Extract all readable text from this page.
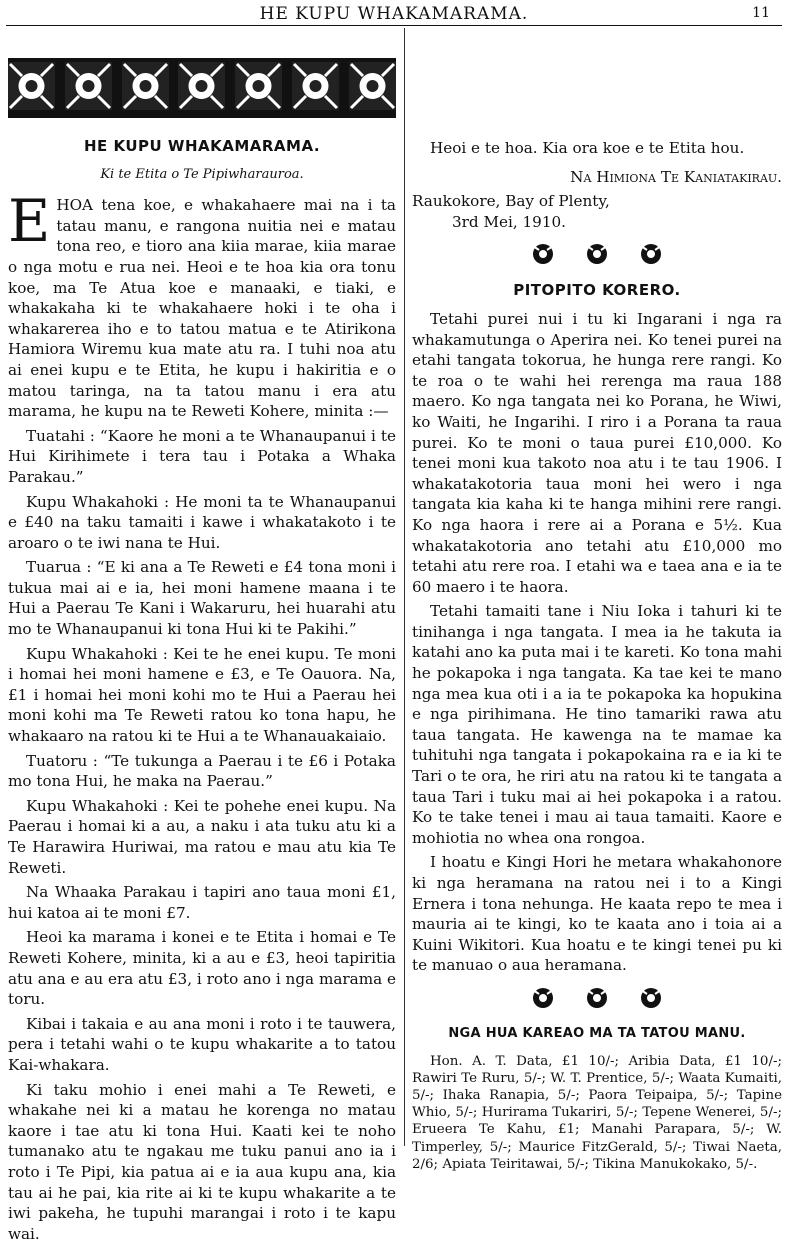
HE KUPU WHAKAMARAMA.	11
HE KUPU WHAKAMARAMA.
Ki te Etita o Te Pipiwharauroa.

EHOA tena koe, e whakahaere mai na i ta tatau manu, e rangona nuitia nei e matau tona reo, e tioro ana kiia marae, kiia marae o nga motu e rua nei. Heoi e te hoa kia ora tonu koe, ma Te Atua koe e manaaki, e tiaki, e whakakaha ki te whakahaere hoki i te oha i whakarerea iho e to tatou matua e te Atirikona Hamiora Wiremu kua mate atu ra. I tuhi noa atu ai enei kupu e te Etita, he kupu i hakiritia e o matou taringa, na ta tatou manu i era atu marama, he kupu na te Reweti Kohere, minita :—

Tuatahi : “Kaore he moni a te Whanaupanui i te Hui Kirihimete i tera tau i Potaka a Whaka Parakau.”

Kupu Whakahoki : He moni ta te Whanaupanui e £40 na taku tamaiti i kawe i whakatakoto i te aroaro o te iwi nana te Hui.

Tuarua : “E ki ana a Te Reweti e £4 tona moni i tukua mai ai e ia, hei moni hamene maana i te Hui a Paerau Te Kani i Wakaruru, hei huarahi atu mo te Whanaupanui ki tona Hui ki te Pakihi.”

Kupu Whakahoki : Kei te he enei kupu. Te moni i homai hei moni hamene e £3, e Te Oauora. Na, £1 i homai hei moni kohi mo te Hui a Paerau hei moni kohi ma Te Reweti ratou ko tona hapu, he whakaaro na ratou ki te Hui a te Whanauakaiaio.

Tuatoru : “Te tukunga a Paerau i te £6 i Potaka mo tona Hui, he maka na Paerau.”

Kupu Whakahoki : Kei te pohehe enei kupu. Na Paerau i homai ki a au, a naku i ata tuku atu ki a Te Harawira Huriwai, ma ratou e mau atu kia Te Reweti.

Na Whaaka Parakau i tapiri ano taua moni £1, hui katoa ai te moni £7.

Heoi ka marama i konei e te Etita i homai e Te Reweti Kohere, minita, ki a au e £3, heoi tapiritia atu ana e au era atu £3, i roto ano i nga marama e toru.

Kibai i takaia e au ana moni i roto i te tauwera, pera i tetahi wahi o te kupu whakarite a to tatou Kai-whakara.

Ki taku mohio i enei mahi a Te Reweti, e whakahe nei ki a matau he korenga no matau kaore i tae atu ki tona Hui. Kaati kei te noho tumanako atu te ngakau me tuku panui ano ia i roto i Te Pipi, kia patua ai e ia aua kupu ana, kia tau ai he pai, kia rite ai ki te kupu whakarite a te iwi pakeha, he tupuhi marangai i roto i te kapu wai.

Heoi e te hoa. Kia ora koe e te Etita hou.

Na Himiona Te Kaniatakirau.

Raukokore, Bay of Plenty,

3rd Mei, 1910.

PITOPITO KORERO.

Tetahi purei nui i tu ki Ingarani i nga ra whakamutunga o Aperira nei. Ko tenei purei na etahi tangata tokorua, he hunga rere rangi. Ko te roa o te wahi hei rerenga ma raua 188 maero. Ko nga tangata nei ko Porana, he Wiwi, ko Waiti, he Ingarihi. I riro i a Porana ta raua purei. Ko te moni o taua purei £10,000. Ko tenei moni kua takoto noa atu i te tau 1906. I whakatakotoria taua moni hei wero i nga tangata kia kaha ki te hanga mihini rere rangi. Ko nga haora i rere ai a Porana e 5½. Kua whakatakotoria ano tetahi atu £10,000 mo tetahi atu rere roa. I etahi wa e taea ana e ia te 60 maero i te haora.

Tetahi tamaiti tane i Niu Ioka i tahuri ki te tinihanga i nga tangata. I mea ia he takuta ia katahi ano ka puta mai i te kareti. Ko tona mahi he pokapoka i nga tangata. Ka tae kei te mano nga mea kua oti i a ia te pokapoka ka hopukina e nga pirihimana. He tino tamariki rawa atu taua tangata. He kawenga na te mamae ka tuhituhi nga tangata i pokapokaina ra e ia ki te Tari o te ora, he riri atu na ratou ki te tangata a taua Tari i tuku mai ai hei pokapoka i a ratou. Ko te take tenei i mau ai taua tamaiti. Kaore e mohiotia no whea ona rongoa.

I hoatu e Kingi Hori he metara whakahonore ki nga heramana na ratou nei i to a Kingi Ernera i tona nehunga. He kaata repo te mea i mauria ai te kingi, ko te kaata ano i toia ai a Kuini Wikitori. Kua hoatu e te kingi tenei pu ki te manuao o aua heramana.

NGA HUA KAREAO MA TA TATOU MANU.

Hon. A. T. Data, £1 10/-; Aribia Data, £1 10/-; Rawiri Te Ruru, 5/-; W. T. Prentice, 5/-; Waata Kumaiti, 5/-; Ihaka Ranapia, 5/-; Paora Teipaipa, 5/-; Tapine Whio, 5/-; Hurirama Tukariri, 5/-; Tepene Wenerei, 5/-; Erueera Te Kahu, £1; Manahi Parapara, 5/-; W. Timperley, 5/-; Maurice FitzGerald, 5/-; Tiwai Naeta, 2/6; Apiata Teiritawai, 5/-; Tikina Manukokako, 5/-.
